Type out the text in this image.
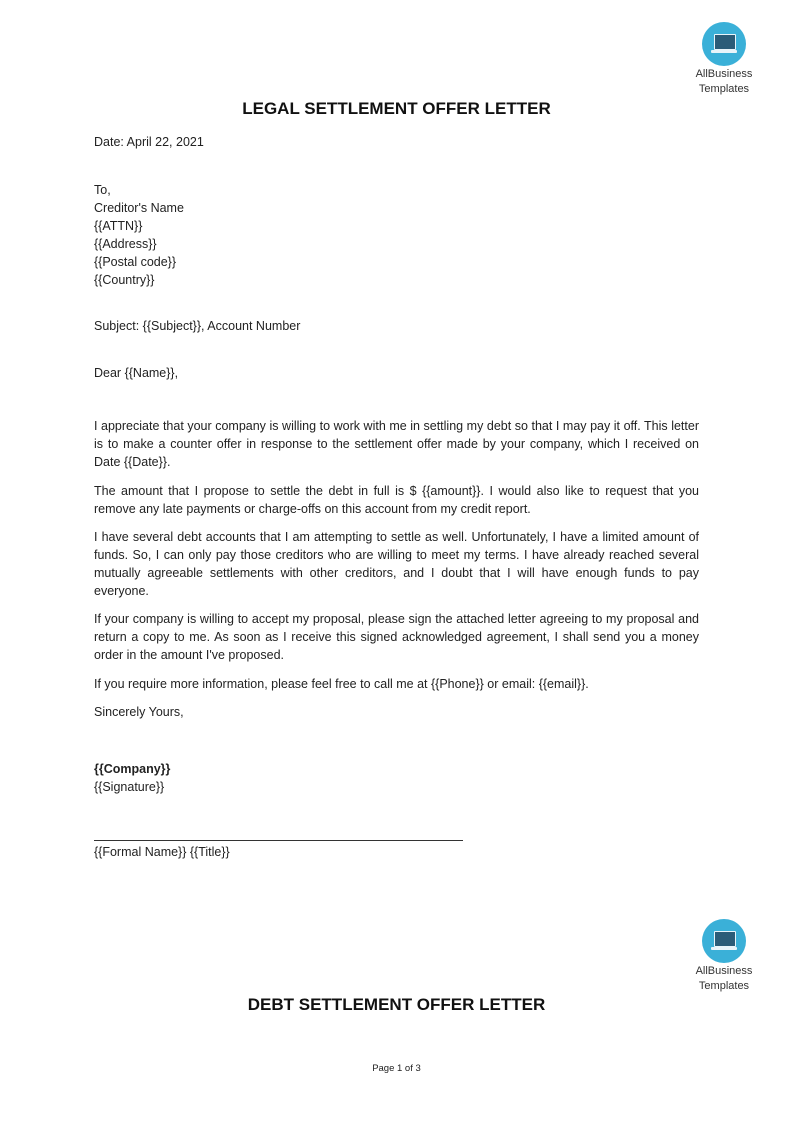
AllBusiness
Templates
LEGAL SETTLEMENT OFFER LETTER
Date: April 22, 2021
To,
Creditor's Name
{{ATTN}}
{{Address}}
{{Postal code}}
{{Country}}
Subject: {{Subject}}, Account Number
Dear {{Name}},
I appreciate that your company is willing to work with me in settling my debt so that I may pay it off. This letter is to make a counter offer in response to the settlement offer made by your company, which I received on Date {{Date}}.
The amount that I propose to settle the debt in full is $ {{amount}}. I would also like to request that you remove any late payments or charge-offs on this account from my credit report.
I have several debt accounts that I am attempting to settle as well. Unfortunately, I have a limited amount of funds. So, I can only pay those creditors who are willing to meet my terms. I have already reached several mutually agreeable settlements with other creditors, and I doubt that I will have enough funds to pay everyone.
If your company is willing to accept my proposal, please sign the attached letter agreeing to my proposal and return a copy to me. As soon as I receive this signed acknowledged agreement, I shall send you a money order in the amount I've proposed.
If you require more information, please feel free to call me at {{Phone}} or email: {{email}}.
Sincerely Yours,
{{Company}}
{{Signature}}
{{Formal Name}} {{Title}}
AllBusiness
Templates
DEBT SETTLEMENT OFFER LETTER
Page 1 of 3
